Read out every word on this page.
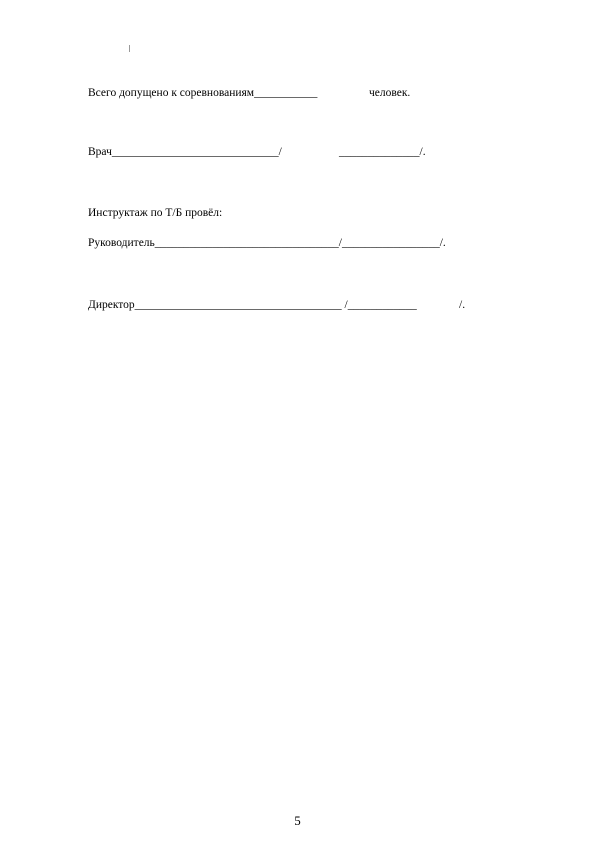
Всего допущено к соревнованиям___________	человек.
Врач_____________________________/	______________/.
Инструктаж по Т/Б провёл:
Руководитель________________________________/_________________/.
Директор____________________________________ /____________	/.
5
